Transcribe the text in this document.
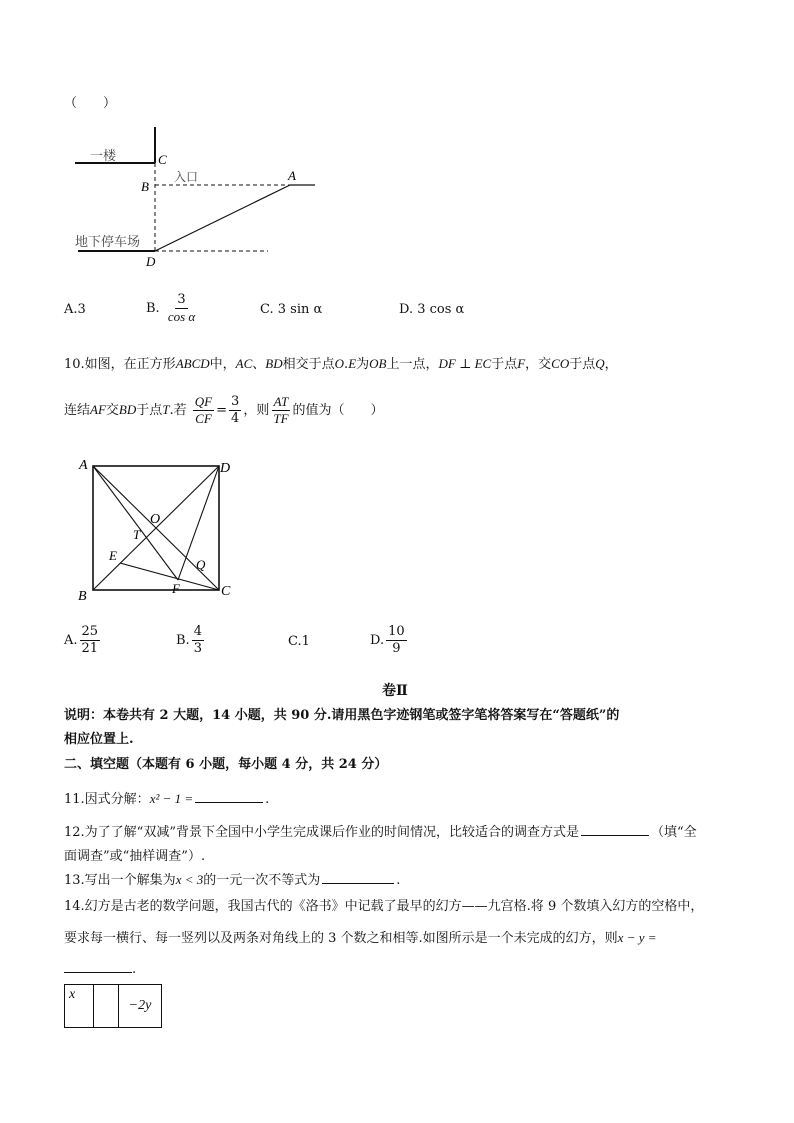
（　　）
一楼
入口
地下停车场
C
B
A
D
A.3	B. $\frac{3}{\text{cos α}}$	C. 3 sin α	D. 3 cos α
10.如图，在正方形ABCD中，AC、BD相交于点O.E为OB上一点，DF ⊥ EC于点F，交CO于点Q，
连结AF交BD于点T.若 $\frac{QF}{CF} = \frac{3}{4}$ ，则 $\frac{AT}{TF}$ 的值为（　　）
A	D
O
T
E
Q
B
F	C
A. $\frac{25}{21}$	B. $\frac{4}{3}$	C.1	D. $\frac{10}{9}$
卷Ⅱ
说明：本卷共有 2 大题，14 小题，共 90 分.请用黑色字迹钢笔或签字笔将答案写在“答题纸”的
相应位置上.
二、填空题（本题有 6 小题，每小题 4 分，共 24 分）
11.因式分解：x² − 1 =	.
12.为了了解“双减”背景下全国中小学生完成课后作业的时间情况，比较适合的调查方式是	（填“全
面调查”或“抽样调查”）.
13.写出一个解集为x < 3的一元一次不等式为	.
14.幻方是古老的数学问题，我国古代的《洛书》中记载了最早的幻方——九宫格.将 9 个数填入幻方的空格中，
要求每一横行、每一竖列以及两条对角线上的 3 个数之和相等.如图所示是一个未完成的幻方，则x − y =
.
x		−2y
